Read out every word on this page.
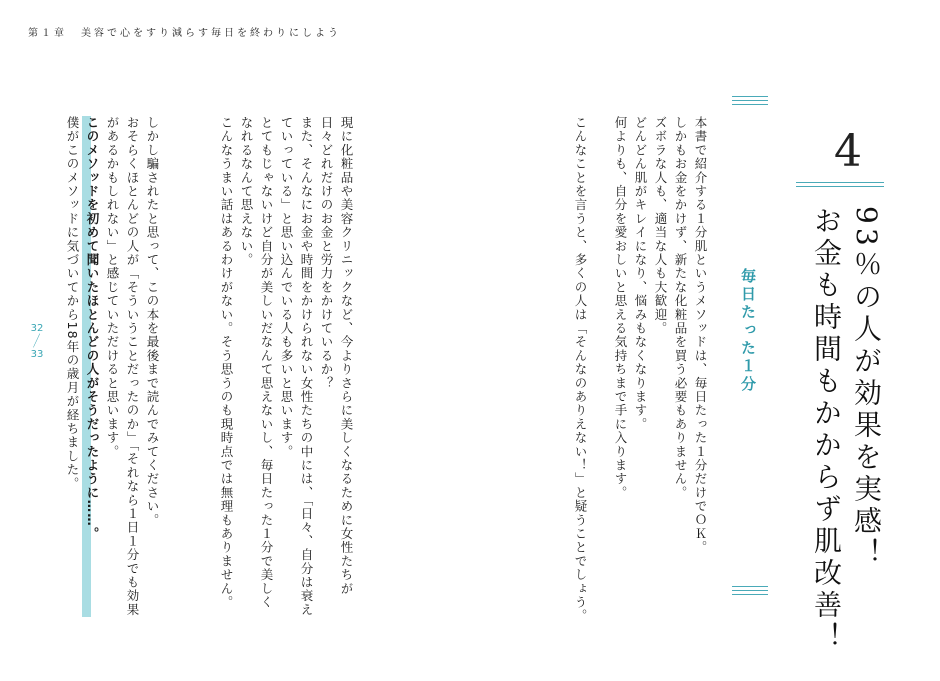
第１章 美容で心をすり減らす毎日を終わりにしよう
32
／
33	本書で紹介する１分肌というメソッドは、毎日たった１分だけでＯＫ。
しかもお金をかけず、新たな化粧品を買う必要もありません。
ズボラな人も、適当な人も大歓迎。
どんどん肌がキレイになり、悩みもなくなります。
何よりも、自分を愛おしいと思える気持ちまで手に入ります。
こんなことを言うと、多くの人は「そんなのありえない！」と疑うことでしょう。
現に化粧品や美容クリニックなど、今よりさらに美しくなるために女性たちが
日々どれだけのお金と労力をかけているか？
また、そんなにお金や時間をかけられない女性たちの中には、「日々、自分は衰え
ていっている」と思い込んでいる人も多いと思います。
とてもじゃないけど自分が美しいだなんて思えないし、毎日たった１分で美しく
なれるなんて思えない。
こんなうまい話はあるわけがない。そう思うのも現時点では無理もありません。
しかし騙されたと思って、この本を最後まで読んでみてください。
おそらくほとんどの人が「そういうことだったのか」「それなら１日１分でも効果
があるかもしれない」と感じていただけると思います。
このメソッドを初めて聞いたほとんどの人がそうだったように……。
僕がこのメソッドに気づいてから18年の歳月が経ちました。	毎日たった１分
4
93％の人が効果を実感！
お金も時間もかからず肌改善！
